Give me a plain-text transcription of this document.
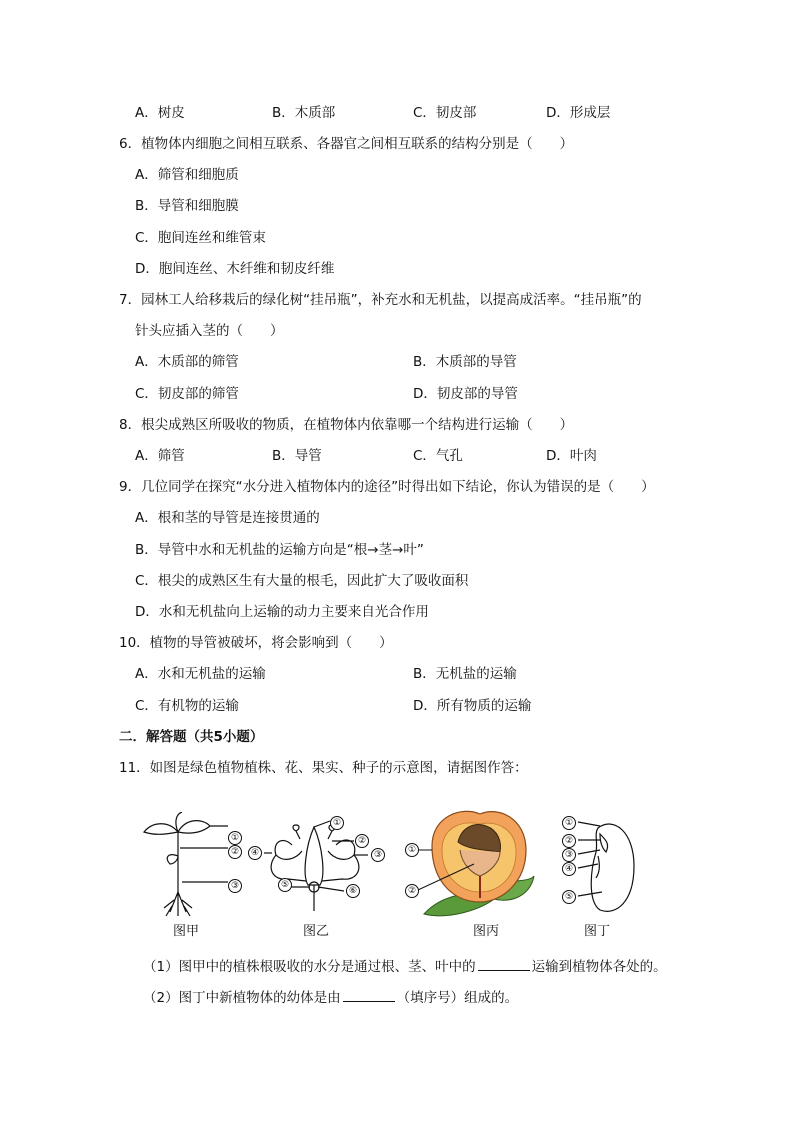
A．树皮	B．木质部	C．韧皮部	D．形成层
6．植物体内细胞之间相互联系、各器官之间相互联系的结构分别是（　　）
A．筛管和细胞质
B．导管和细胞膜
C．胞间连丝和维管束
D．胞间连丝、木纤维和韧皮纤维
7．园林工人给移栽后的绿化树“挂吊瓶”，补充水和无机盐，以提高成活率。“挂吊瓶”的
针头应插入茎的（　　）
A．木质部的筛管	B．木质部的导管
C．韧皮部的筛管	D．韧皮部的导管
8．根尖成熟区所吸收的物质，在植物体内依靠哪一个结构进行运输（　　）
A．筛管	B．导管	C．气孔	D．叶肉
9．几位同学在探究“水分进入植物体内的途径”时得出如下结论，你认为错误的是（　　）
A．根和茎的导管是连接贯通的
B．导管中水和无机盐的运输方向是“根→茎→叶”
C．根尖的成熟区生有大量的根毛，因此扩大了吸收面积
D．水和无机盐向上运输的动力主要来自光合作用
10．植物的导管被破坏，将会影响到（　　）
A．水和无机盐的运输	B．无机盐的运输
C．有机物的运输	D．所有物质的运输
二．解答题（共5小题）
11．如图是绿色植物植株、花、果实、种子的示意图，请据图作答：
①
②
③
图甲
①
②
③
④
⑤
⑥
图乙
①
②
图丙
①
②
③
④
⑤
图丁
（1）图甲中的植株根吸收的水分是通过根、茎、叶中的	运输到植物体各处的。
（2）图丁中新植物体的幼体是由	（填序号）组成的。
